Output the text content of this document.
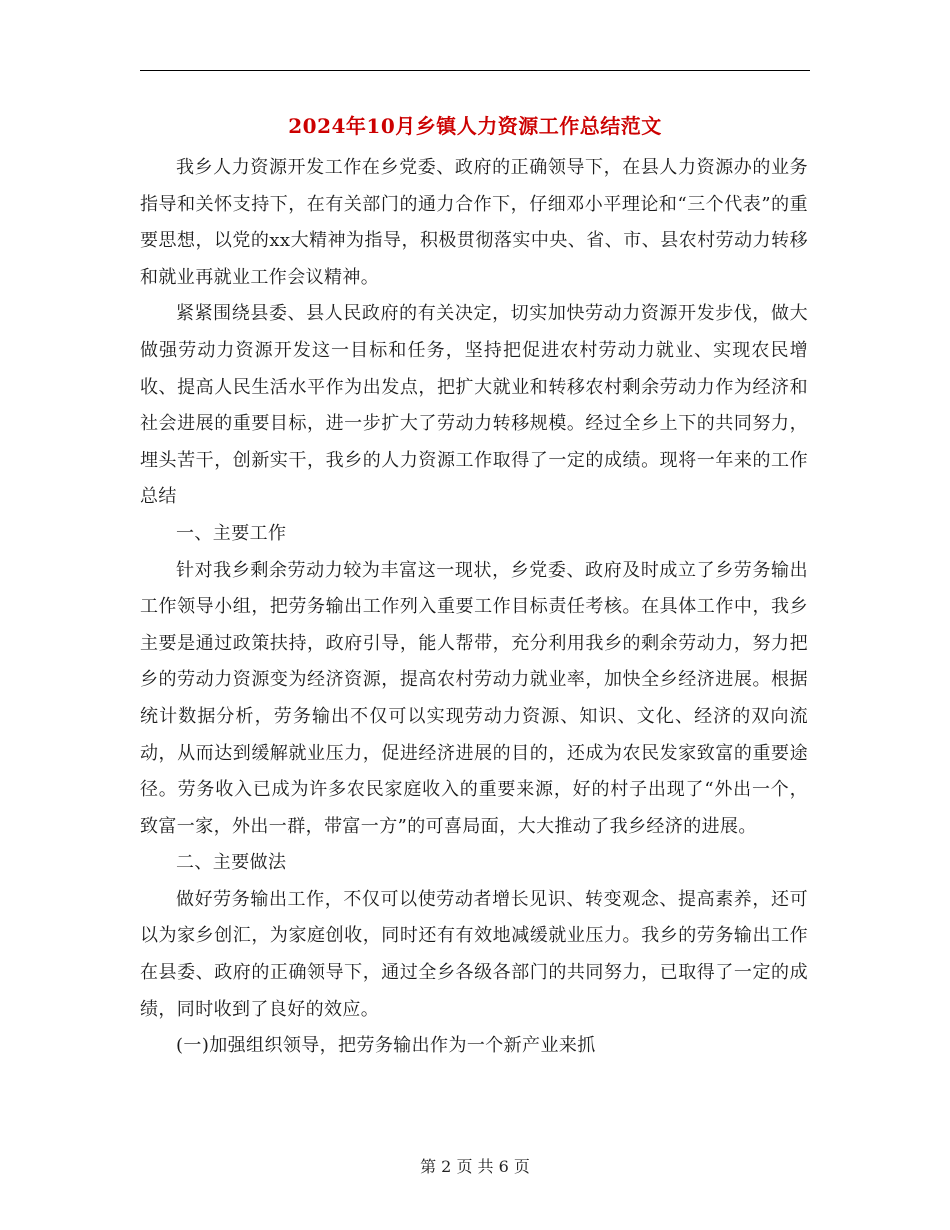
2024年10月乡镇人力资源工作总结范文

我乡人力资源开发工作在乡党委、政府的正确领导下，在县人力资源办的业务指导和关怀支持下，在有关部门的通力合作下，仔细邓小平理论和“三个代表”的重要思想，以党的xx大精神为指导，积极贯彻落实中央、省、市、县农村劳动力转移和就业再就业工作会议精神。

紧紧围绕县委、县人民政府的有关决定，切实加快劳动力资源开发步伐，做大做强劳动力资源开发这一目标和任务，坚持把促进农村劳动力就业、实现农民增收、提高人民生活水平作为出发点，把扩大就业和转移农村剩余劳动力作为经济和社会进展的重要目标，进一步扩大了劳动力转移规模。经过全乡上下的共同努力，埋头苦干，创新实干，我乡的人力资源工作取得了一定的成绩。现将一年来的工作总结

一、主要工作

针对我乡剩余劳动力较为丰富这一现状，乡党委、政府及时成立了乡劳务输出工作领导小组，把劳务输出工作列入重要工作目标责任考核。在具体工作中，我乡主要是通过政策扶持，政府引导，能人帮带，充分利用我乡的剩余劳动力，努力把乡的劳动力资源变为经济资源，提高农村劳动力就业率，加快全乡经济进展。根据统计数据分析，劳务输出不仅可以实现劳动力资源、知识、文化、经济的双向流动，从而达到缓解就业压力，促进经济进展的目的，还成为农民发家致富的重要途径。劳务收入已成为许多农民家庭收入的重要来源，好的村子出现了“外出一个，致富一家，外出一群，带富一方”的可喜局面，大大推动了我乡经济的进展。

二、主要做法

做好劳务输出工作，不仅可以使劳动者增长见识、转变观念、提高素养，还可以为家乡创汇，为家庭创收，同时还有有效地减缓就业压力。我乡的劳务输出工作在县委、政府的正确领导下，通过全乡各级各部门的共同努力，已取得了一定的成绩，同时收到了良好的效应。

(一)加强组织领导，把劳务输出作为一个新产业来抓

第 2 页 共 6 页
